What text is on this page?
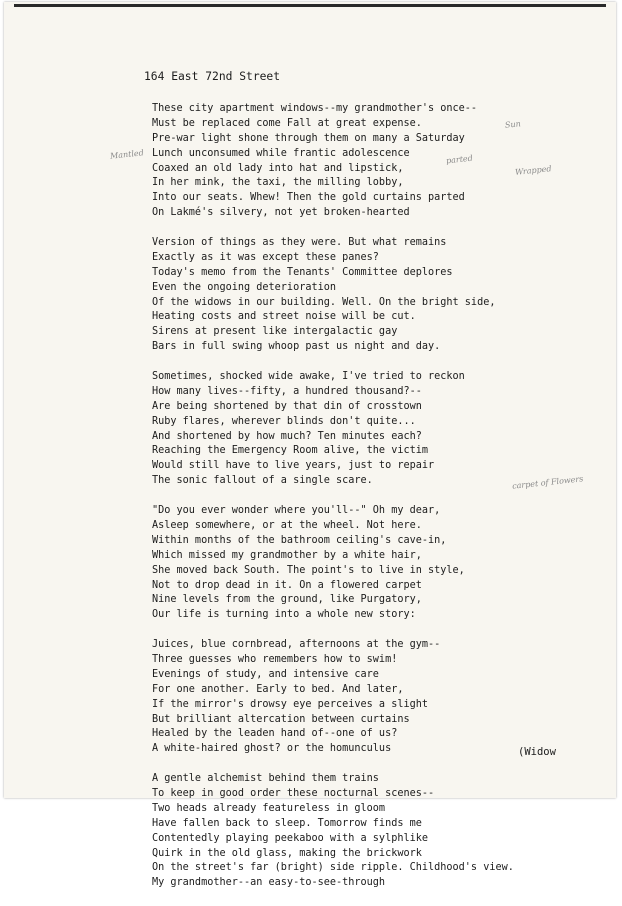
164 East 72nd Street
These city apartment windows--my grandmother's once--
Must be replaced come Fall at great expense.
Pre-war light shone through them on many a Saturday
Lunch unconsumed while frantic adolescence
Coaxed an old lady into hat and lipstick,
In her mink, the taxi, the milling lobby,
Into our seats. Whew! Then the gold curtains parted
On Lakmé's silvery, not yet broken-hearted
Version of things as they were. But what remains
Exactly as it was except these panes?
Today's memo from the Tenants' Committee deplores
Even the ongoing deterioration
Of the widows in our building. Well. On the bright side,
Heating costs and street noise will be cut.
Sirens at present like intergalactic gay
Bars in full swing whoop past us night and day.
Sometimes, shocked wide awake, I've tried to reckon
How many lives--fifty, a hundred thousand?--
Are being shortened by that din of crosstown
Ruby flares, wherever blinds don't quite...
And shortened by how much? Ten minutes each?
Reaching the Emergency Room alive, the victim
Would still have to live years, just to repair
The sonic fallout of a single scare.
"Do you ever wonder where you'll--" Oh my dear,
Asleep somewhere, or at the wheel. Not here.
Within months of the bathroom ceiling's cave-in,
Which missed my grandmother by a white hair,
She moved back South. The point's to live in style,
Not to drop dead in it. On a flowered carpet
Nine levels from the ground, like Purgatory,
Our life is turning into a whole new story:
Juices, blue cornbread, afternoons at the gym--
Three guesses who remembers how to swim!
Evenings of study, and intensive care
For one another. Early to bed. And later,
If the mirror's drowsy eye perceives a slight
But brilliant altercation between curtains
Healed by the leaden hand of--one of us?
A white-haired ghost? or the homunculus
A gentle alchemist behind them trains
To keep in good order these nocturnal scenes--
Two heads already featureless in gloom
Have fallen back to sleep. Tomorrow finds me
Contentedly playing peekaboo with a sylphlike
Quirk in the old glass, making the brickwork
On the street's far (bright) side ripple. Childhood's view.
My grandmother--an easy-to-see-through
Sun
Mantled	parted
Wrapped
carpet of Flowers
(Widow
